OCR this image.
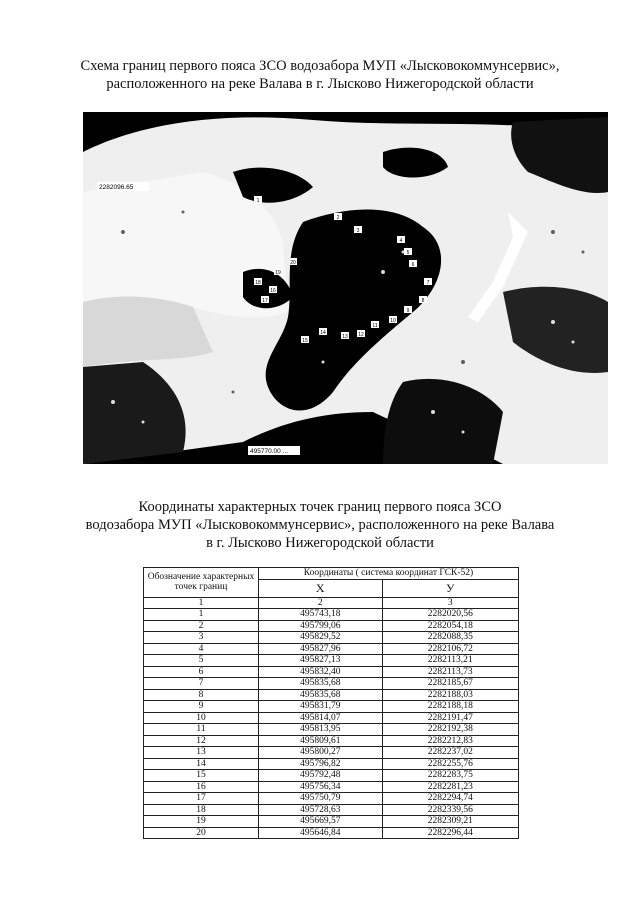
Схема границ первого пояса ЗСО водозабора МУП «Лысковокоммунсервис»,
расположенного на реке Валава в г. Лысково Нижегородской области
1
2
3
4
5
6
7
8
9
10
11
12
13
14
15
16
17
18
19
20
2282096.65
495770.00 ...
Координаты характерных точек границ первого пояса ЗСО
водозабора МУП «Лысковокоммунсервис», расположенного на реке Валава
в г. Лысково Нижегородской области
Обозначение характерных точек границ	Координаты ( система координат ГСК-52)	
	X	У
1	2	3
1	495743,18	2282020,56
2	495799,06	2282054,18
3	495829,52	2282088,35
4	495827,96	2282106,72
5	495827,13	2282113,21
6	495832,40	2282113,73
7	495835,68	2282185,67
8	495835,68	2282188,03
9	495831,79	2282188,18
10	495814,07	2282191,47
11	495813,95	2282192,38
12	495809,61	2282212,83
13	495800,27	2282237,02
14	495796,82	2282255,76
15	495792,48	2282283,75
16	495756,34	2282281,23
17	495750,79	2282294,74
18	495728,63	2282339,56
19	495669,57	2282309,21
20	495646,84	2282296,44
